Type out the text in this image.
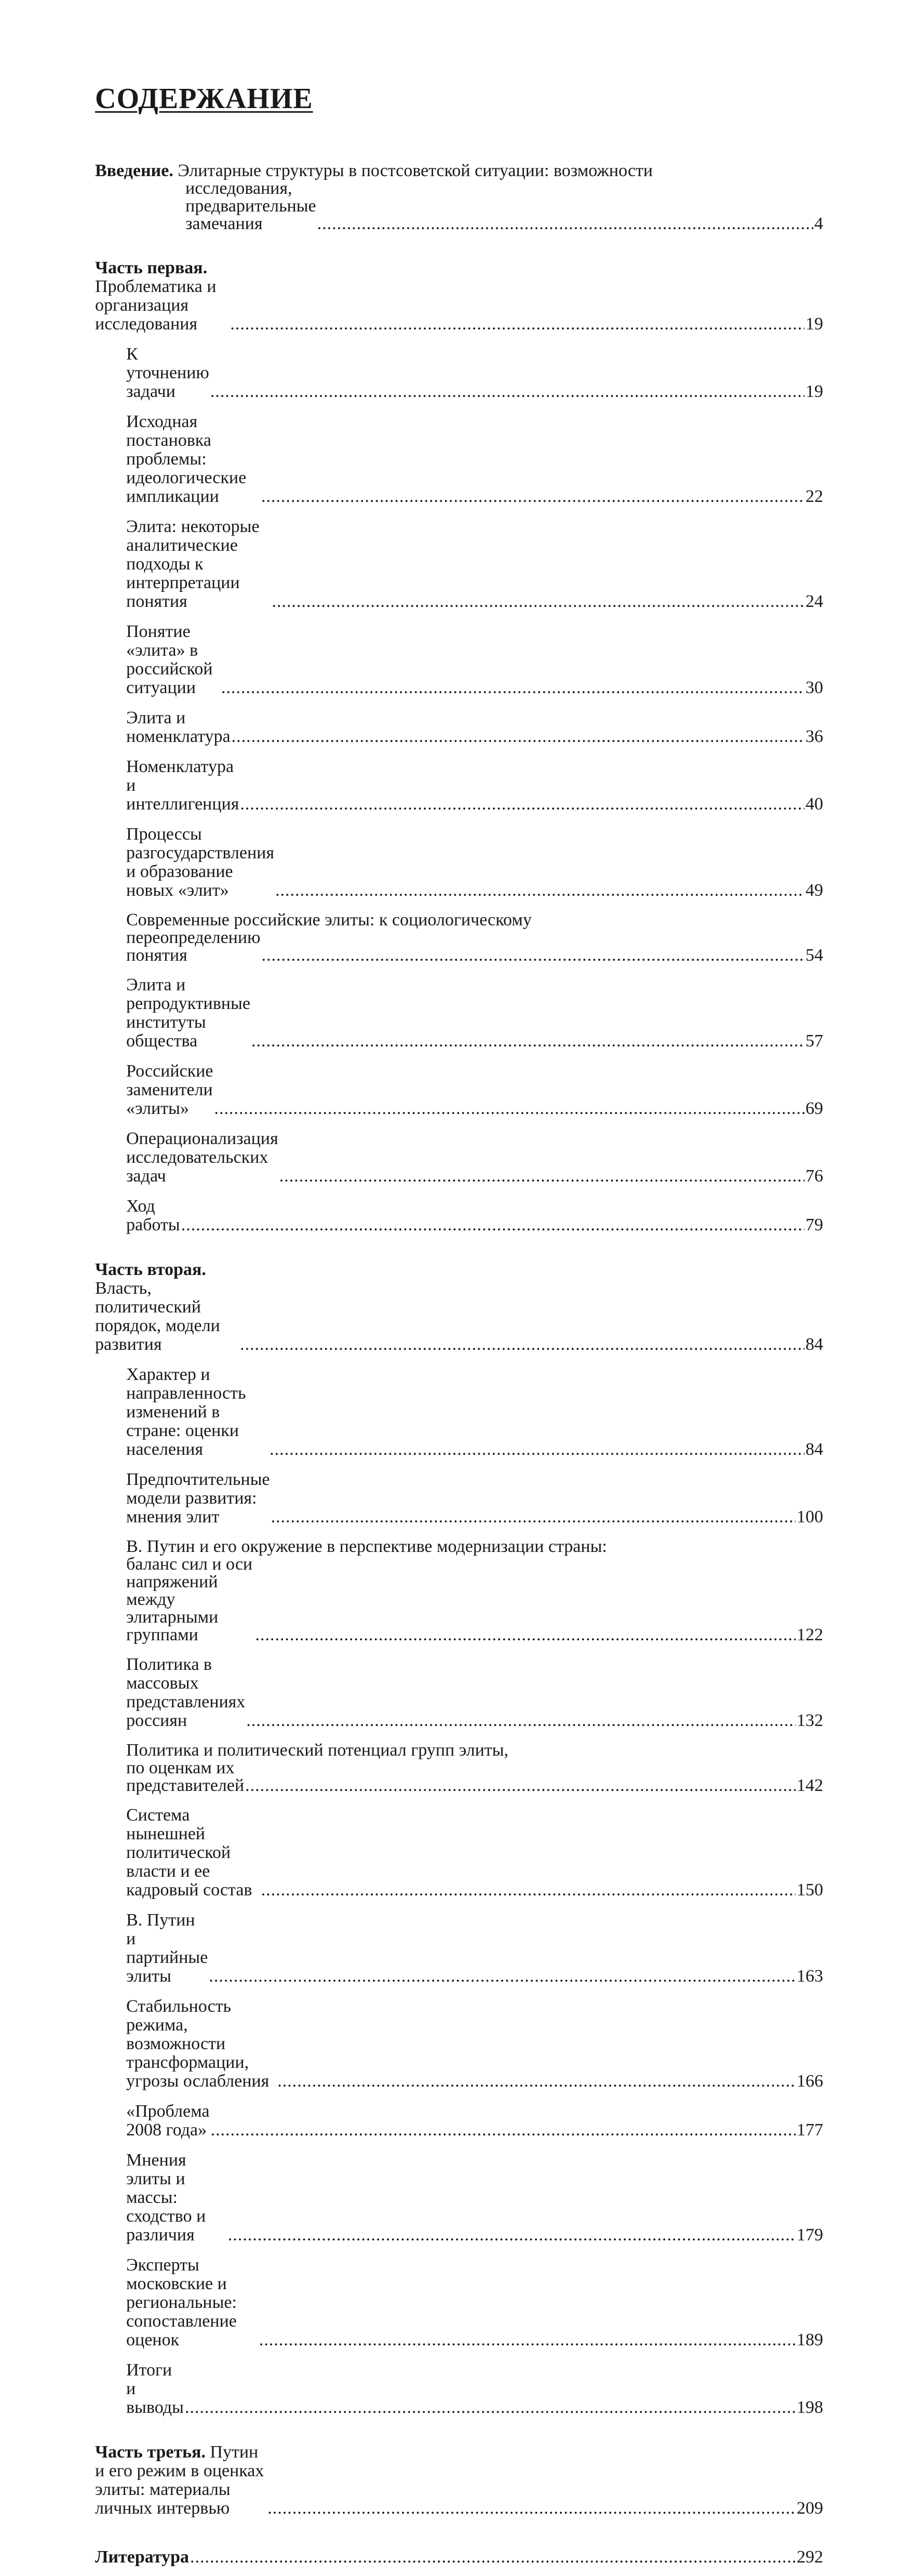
СОДЕРЖАНИЕ
Введение. Элитарные структуры в постсоветской ситуации: возможности
исследования, предварительные замечания .....	4
Часть первая. Проблематика и организация исследования .....	19
К уточнению задачи .....	19
Исходная постановка проблемы: идеологические импликации .....	22
Элита: некоторые аналитические подходы к интерпретации понятия .....	24
Понятие «элита» в российской ситуации .....	30
Элита и номенклатура .....	36
Номенклатура и интеллигенция .....	40
Процессы разгосударствления и образование новых «элит» .....	49
Современные российские элиты: к социологическому
переопределению понятия .....	54
Элита и репродуктивные институты общества .....	57
Российские заменители «элиты» .....	69
Операционализация исследовательских задач .....	76
Ход работы .....	79
Часть вторая. Власть, политический порядок, модели развития .....	84
Характер и направленность изменений в стране: оценки населения .....	84
Предпочтительные модели развития: мнения элит .....	100
В. Путин и его окружение в перспективе модернизации страны:
баланс сил и оси напряжений между элитарными группами .....	122
Политика в массовых представлениях россиян .....	132
Политика и политический потенциал групп элиты,
по оценкам их представителей .....	142
Система нынешней политической власти и ее кадровый состав .....	150
В. Путин и партийные элиты .....	163
Стабильность режима, возможности трансформации, угрозы ослабления .....	166
«Проблема 2008 года» .....	177
Мнения элиты и массы: сходство и различия .....	179
Эксперты московские и региональные: сопоставление оценок .....	189
Итоги и выводы .....	198
Часть третья. Путин и его режим в оценках элиты: материалы личных интервью .....	209
Литература .....	292
